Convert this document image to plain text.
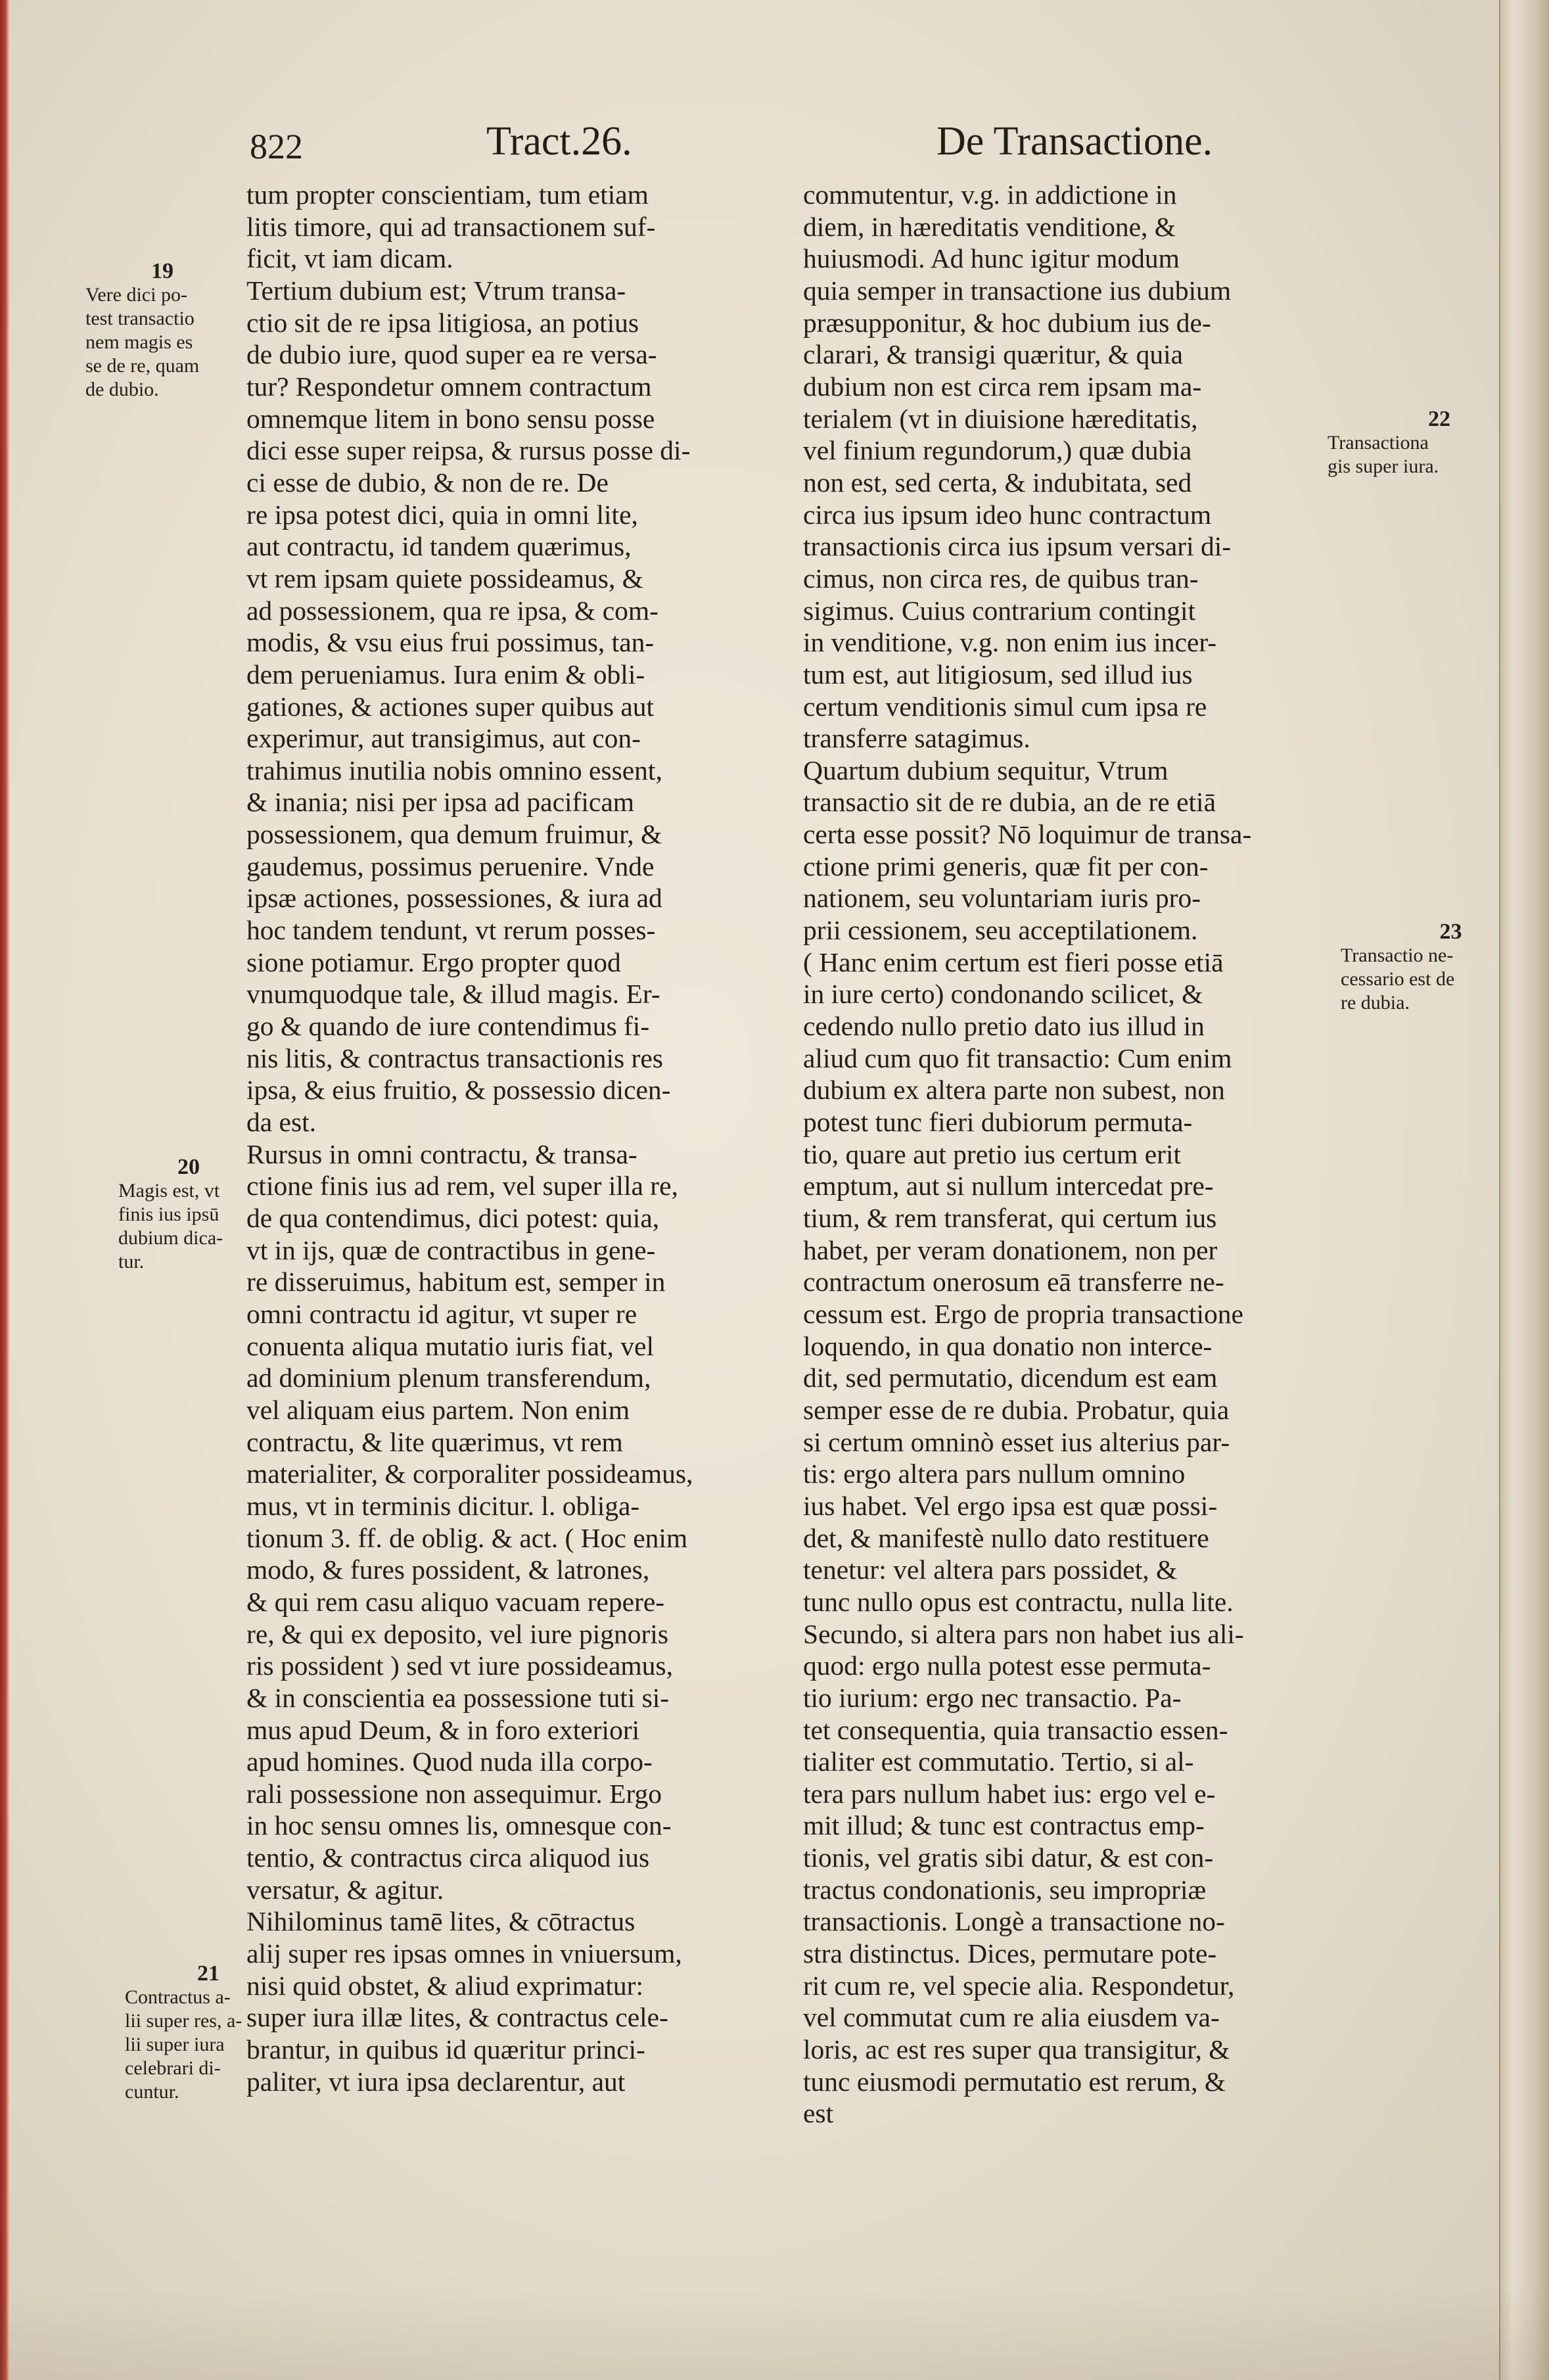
822	Tract.26.	De Transactione.

tum propter conscientiam, tum etiam

litis timore, qui ad transactionem suf-

ficit, vt iam dicam.

Tertium dubium est; Vtrum transa-

ctio sit de re ipsa litigiosa, an potius

de dubio iure, quod super ea re versa-

tur? Respondetur omnem contractum

omnemque litem in bono sensu posse

dici esse super reipsa, & rursus posse di-

ci esse de dubio, & non de re. De

re ipsa potest dici, quia in omni lite,

aut contractu, id tandem quærimus,

vt rem ipsam quiete possideamus, &

ad possessionem, qua re ipsa, & com-

modis, & vsu eius frui possimus, tan-

dem perueniamus. Iura enim & obli-

gationes, & actiones super quibus aut

experimur, aut transigimus, aut con-

trahimus inutilia nobis omnino essent,

& inania; nisi per ipsa ad pacificam

possessionem, qua demum fruimur, &

gaudemus, possimus peruenire. Vnde

ipsæ actiones, possessiones, & iura ad

hoc tandem tendunt, vt rerum posses-

sione potiamur. Ergo propter quod

vnumquodque tale, & illud magis. Er-

go & quando de iure contendimus fi-

nis litis, & contractus transactionis res

ipsa, & eius fruitio, & possessio dicen-

da est.

Rursus in omni contractu, & transa-

ctione finis ius ad rem, vel super illa re,

de qua contendimus, dici potest: quia,

vt in ijs, quæ de contractibus in gene-

re disseruimus, habitum est, semper in

omni contractu id agitur, vt super re

conuenta aliqua mutatio iuris fiat, vel

ad dominium plenum transferendum,

vel aliquam eius partem. Non enim

contractu, & lite quærimus, vt rem

materialiter, & corporaliter possideamus,

mus, vt in terminis dicitur. l. obliga-

tionum 3. ff. de oblig. & act. ( Hoc enim

modo, & fures possident, & latrones,

& qui rem casu aliquo vacuam repere-

re, & qui ex deposito, vel iure pignoris

ris possident ) sed vt iure possideamus,

& in conscientia ea possessione tuti si-

mus apud Deum, & in foro exteriori

apud homines. Quod nuda illa corpo-

rali possessione non assequimur. Ergo

in hoc sensu omnes lis, omnesque con-

tentio, & contractus circa aliquod ius

versatur, & agitur.

Nihilominus tamē lites, & cōtractus

alij super res ipsas omnes in vniuersum,

nisi quid obstet, & aliud exprimatur:

super iura illæ lites, & contractus cele-

brantur, in quibus id quæritur princi-

paliter, vt iura ipsa declarentur, aut

commutentur, v.g. in addictione in

diem, in hæreditatis venditione, &

huiusmodi. Ad hunc igitur modum

quia semper in transactione ius dubium

præsupponitur, & hoc dubium ius de-

clarari, & transigi quæritur, & quia

dubium non est circa rem ipsam ma-

terialem (vt in diuisione hæreditatis,

vel finium regundorum,) quæ dubia

non est, sed certa, & indubitata, sed

circa ius ipsum ideo hunc contractum

transactionis circa ius ipsum versari di-

cimus, non circa res, de quibus tran-

sigimus. Cuius contrarium contingit

in venditione, v.g. non enim ius incer-

tum est, aut litigiosum, sed illud ius

certum venditionis simul cum ipsa re

transferre satagimus.

Quartum dubium sequitur, Vtrum

transactio sit de re dubia, an de re etiā

certa esse possit? Nō loquimur de transa-

ctione primi generis, quæ fit per con-

nationem, seu voluntariam iuris pro-

prii cessionem, seu acceptilationem.

( Hanc enim certum est fieri posse etiā

in iure certo) condonando scilicet, &

cedendo nullo pretio dato ius illud in

aliud cum quo fit transactio: Cum enim

dubium ex altera parte non subest, non

potest tunc fieri dubiorum permuta-

tio, quare aut pretio ius certum erit

emptum, aut si nullum intercedat pre-

tium, & rem transferat, qui certum ius

habet, per veram donationem, non per

contractum onerosum eā transferre ne-

cessum est. Ergo de propria transactione

loquendo, in qua donatio non interce-

dit, sed permutatio, dicendum est eam

semper esse de re dubia. Probatur, quia

si certum omninò esset ius alterius par-

tis: ergo altera pars nullum omnino

ius habet. Vel ergo ipsa est quæ possi-

det, & manifestè nullo dato restituere

tenetur: vel altera pars possidet, &

tunc nullo opus est contractu, nulla lite.

Secundo, si altera pars non habet ius ali-

quod: ergo nulla potest esse permuta-

tio iurium: ergo nec transactio. Pa-

tet consequentia, quia transactio essen-

tialiter est commutatio. Tertio, si al-

tera pars nullum habet ius: ergo vel e-

mit illud; & tunc est contractus emp-

tionis, vel gratis sibi datur, & est con-

tractus condonationis, seu impropriæ

transactionis. Longè a transactione no-

stra distinctus. Dices, permutare pote-

rit cum re, vel specie alia. Respondetur,

vel commutat cum re alia eiusdem va-

loris, ac est res super qua transigitur, &

tunc eiusmodi permutatio est rerum, &

est

19

Vere dici po-

test transactio

nem magis es

se de re, quam

de dubio.

20

Magis est, vt

finis ius ipsū

dubium dica-

tur.

21

Contractus a-

lii super res, a-

lii super iura

celebrari di-

cuntur.

22

Transactiona

gis super iura.

23

Transactio ne-

cessario est de

re dubia.
